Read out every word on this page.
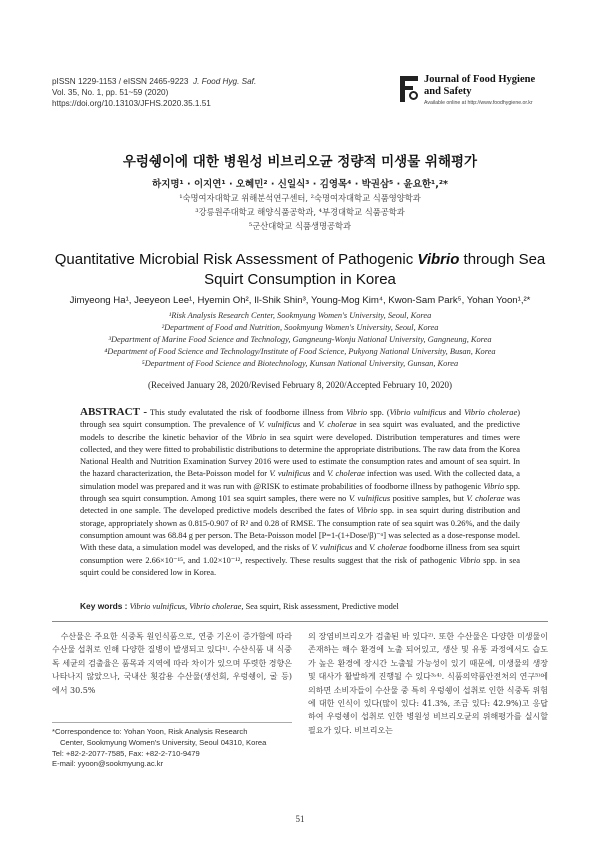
pISSN 1229-1153 / eISSN 2465-9223 J. Food Hyg. Saf.
Vol. 35, No. 1, pp. 51~59 (2020)
https://doi.org/10.13103/JFHS.2020.35.1.51
Journal of Food Hygiene and Safety
Available online at http://www.foodhygiene.or.kr
우렁쉥이에 대한 병원성 비브리오균 정량적 미생물 위해평가
하지명¹ · 이지연¹ · 오혜민² · 신일식³ · 김영목⁴ · 박권삼⁵ · 윤요한¹,²*
¹숙명여자대학교 위해분석연구센터, ²숙명여자대학교 식품영양학과
³강릉원주대학교 해양식품공학과, ⁴부경대학교 식품공학과
⁵군산대학교 식품생명공학과
Quantitative Microbial Risk Assessment of Pathogenic Vibrio through Sea Squirt Consumption in Korea
Jimyeong Ha¹, Jeeyeon Lee¹, Hyemin Oh², Il-Shik Shin³, Young-Mog Kim⁴, Kwon-Sam Park⁵, Yohan Yoon¹,²*
¹Risk Analysis Research Center, Sookmyung Women's University, Seoul, Korea
²Department of Food and Nutrition, Sookmyung Women's University, Seoul, Korea
³Department of Marine Food Science and Technology, Gangneung-Wonju National University, Gangneung, Korea
⁴Department of Food Science and Technology/Institute of Food Science, Pukyong National University, Busan, Korea
⁵Department of Food Science and Biotechnology, Kunsan National University, Gunsan, Korea
(Received January 28, 2020/Revised February 8, 2020/Accepted February 10, 2020)
ABSTRACT - This study evalutated the risk of foodborne illness from Vibrio spp. (Vibrio vulnificus and Vibrio choleraе) through sea squirt consumption. The prevalence of V. vulnificus and V. cholerae in sea squirt was evaluated, and the predictive models to describe the kinetic behavior of the Vibrio in sea squirt were developed. Distribution temperatures and times were collected, and they were fitted to probabilistic distributions to determine the appropriate distributions. The raw data from the Korea National Health and Nutrition Examination Survey 2016 were used to estimate the consumption rates and amount of sea squirt. In the hazard characterization, the Beta-Poisson model for V. vulnificus and V. cholerae infection was used. With the collected data, a simulation model was prepared and it was run with @RISK to estimate probabilities of foodborne illness by pathogenic Vibrio spp. through sea squirt consumption. Among 101 sea squirt samples, there were no V. vulnificus positive samples, but V. cholerae was detected in one sample. The developed predictive models described the fates of Vibrio spp. in sea squirt during distribution and storage, appropriately shown as 0.815-0.907 of R² and 0.28 of RMSE. The consumption rate of sea squirt was 0.26%, and the daily consumption amount was 68.84 g per person. The Beta-Poisson model [P=1-(1+Dose/β)⁻ᵅ] was selected as a dose-response model. With these data, a simulation model was developed, and the risks of V. vulnificus and V. cholerae foodborne illness from sea squirt consumption were 2.66×10⁻¹⁵, and 1.02×10⁻¹², respectively. These results suggest that the risk of pathogenic Vibrio spp. in sea squirt could be considered low in Korea.
Key words : Vibrio vulnificus, Vibrio cholerae, Sea squirt, Risk assessment, Predictive model
수산물은 주요한 식중독 원인식품으로, 연중 기온이 증가함에 따라 수산물 섭취로 인해 다양한 질병이 발생되고 있다¹⁾. 수산식품 내 식중독 세균의 검출율은 품목과 지역에 따라 차이가 있으며 뚜렷한 경향은 나타나지 않았으나, 국내산 횟감용 수산물(생선회, 우렁쉥이, 굴 등)에서 30.5%
의 장염비브리오가 검출된 바 있다²⁾. 또한 수산물은 다양한 미생물이 존재하는 해수 환경에 노출 되어있고, 생산 및 유통 과정에서도 습도가 높은 환경에 장시간 노출될 가능성이 있기 때문에, 미생물의 생장 및 대사가 활발하게 진행될 수 있다³˒⁴⁾. 식품의약품안전처의 연구⁵⁾에 의하면 소비자들이 수산물 중 특히 우렁쉥이 섭취로 인한 식중독 위험에 대한 인식이 있다(많이 있다: 41.3%, 조금 있다: 42.9%)고 응답하여 우렁쉥이 섭취로 인한 병원성 비브리오균의 위해평가를 실시할 필요가 있다. 비브리오는
*Correspondence to: Yohan Yoon, Risk Analysis Research
Center, Sookmyung Women's University, Seoul 04310, Korea
Tel: +82-2-2077-7585, Fax: +82-2-710-9479
E-mail: yyoon@sookmyung.ac.kr
51
